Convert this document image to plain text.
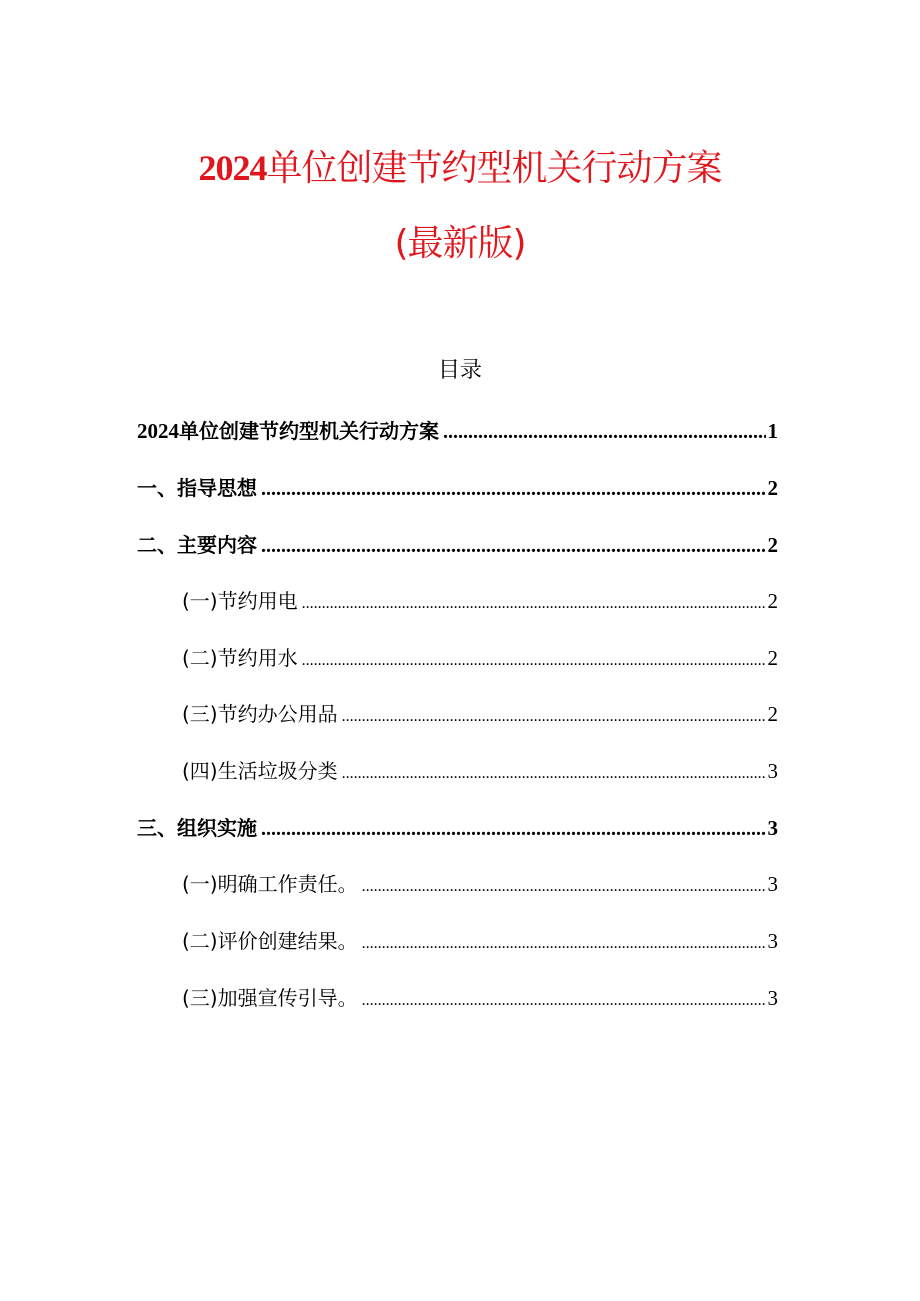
2024单位创建节约型机关行动方案
(最新版)
目录
2024单位创建节约型机关行动方案 .....	1
一、指导思想 .....	2
二、主要内容 .....	2
(一)节约用电 .....	2
(二)节约用水 .....	2
(三)节约办公用品 .....	2
(四)生活垃圾分类 .....	3
三、组织实施 .....	3
(一)明确工作责任。 .....	3
(二)评价创建结果。 .....	3
(三)加强宣传引导。 .....	3
